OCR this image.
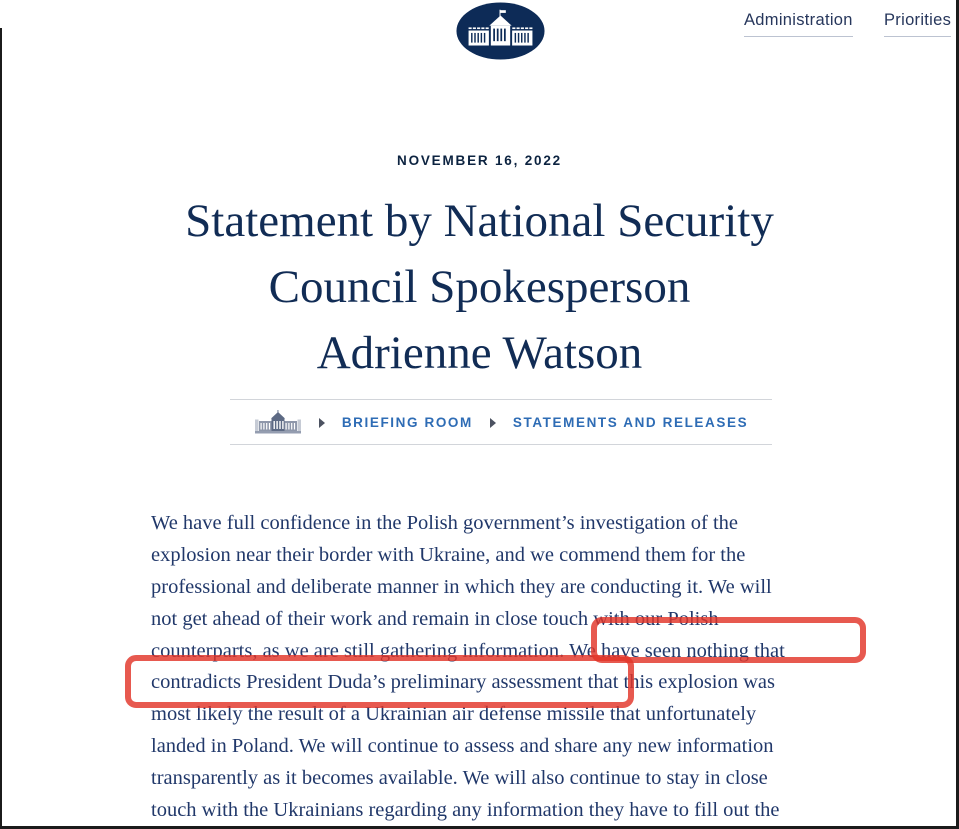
Administration Priorities
NOVEMBER 16, 2022
Statement by National Security
Council Spokesperson
Adrienne Watson
BRIEFING ROOM	STATEMENTS AND RELEASES
We have full confidence in the Polish government’s investigation of the
explosion near their border with Ukraine, and we commend them for the
professional and deliberate manner in which they are conducting it. We will
not get ahead of their work and remain in close touch with our Polish
counterparts, as we are still gathering information. We have seen nothing that
contradicts President Duda’s preliminary assessment that this explosion was
most likely the result of a Ukrainian air defense missile that unfortunately
landed in Poland. We will continue to assess and share any new information
transparently as it becomes available. We will also continue to stay in close
touch with the Ukrainians regarding any information they have to fill out the
